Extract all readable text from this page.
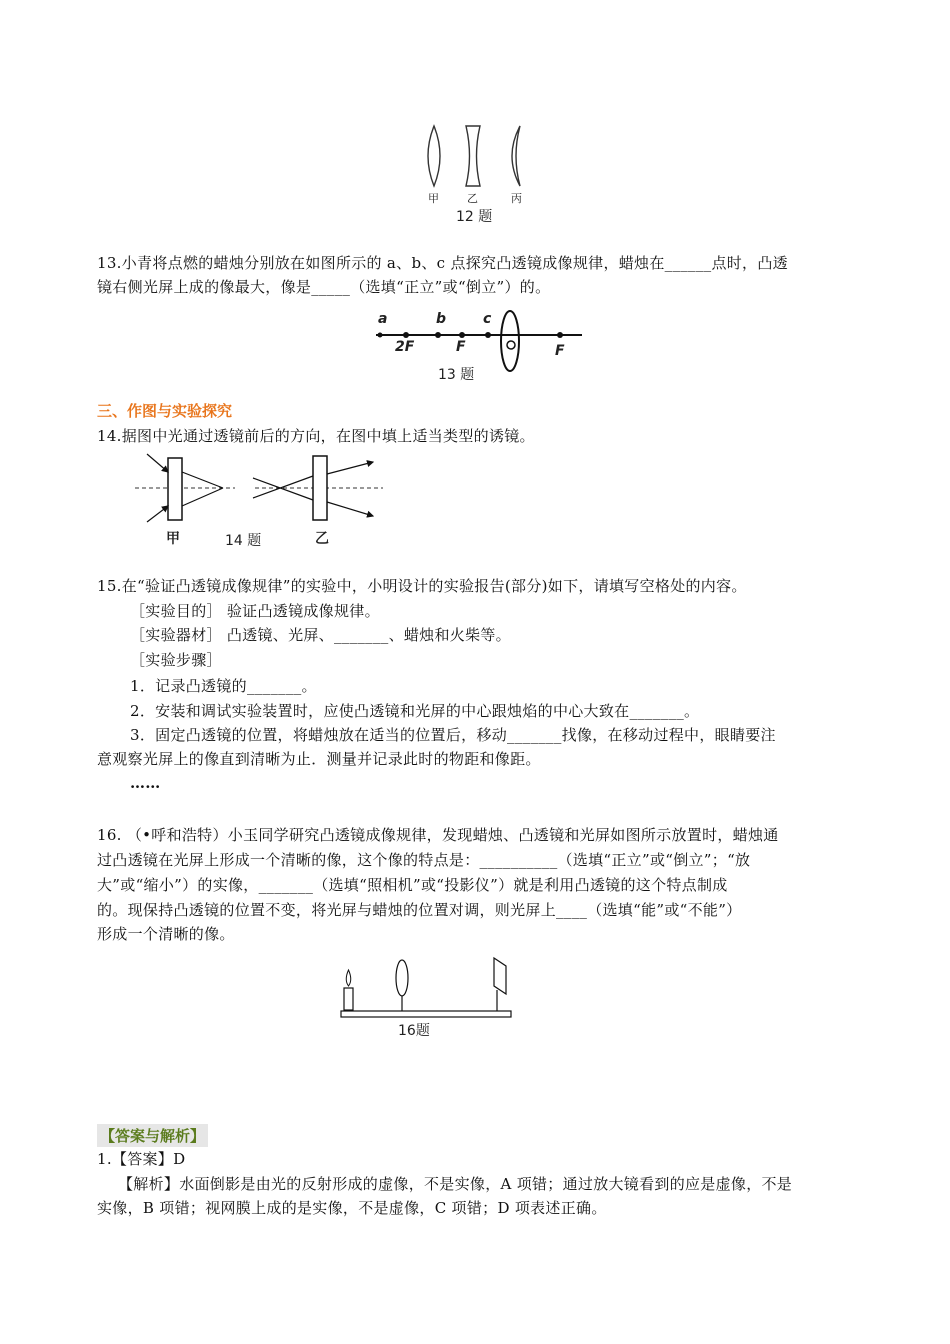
甲	乙	丙
12 题
13.小青将点燃的蜡烛分别放在如图所示的 a、b、c 点探究凸透镜成像规律，蜡烛在______点时，凸透
镜右侧光屏上成的像最大，像是_____（选填“正立”或“倒立”）的。
a	b	c
2F	F	F
13 题
三、作图与实验探究
14.据图中光通过透镜前后的方向，在图中填上适当类型的诱镜。
甲	14 题	乙
15.在“验证凸透镜成像规律”的实验中，小明设计的实验报告(部分)如下，请填写空格处的内容。
［实验目的］ 验证凸透镜成像规律。
［实验器材］ 凸透镜、光屏、_______、蜡烛和火柴等。
［实验步骤］
1．记录凸透镜的_______。
2．安装和调试实验装置时，应使凸透镜和光屏的中心跟烛焰的中心大致在_______。
3．固定凸透镜的位置，将蜡烛放在适当的位置后，移动_______找像，在移动过程中，眼睛要注
意观察光屏上的像直到清晰为止．测量并记录此时的物距和像距。
……
16. （•呼和浩特）小玉同学研究凸透镜成像规律，发现蜡烛、凸透镜和光屏如图所示放置时，蜡烛通
过凸透镜在光屏上形成一个清晰的像，这个像的特点是：__________（选填“正立”或“倒立”；“放
大”或“缩小”）的实像，_______（选填“照相机”或“投影仪”）就是利用凸透镜的这个特点制成
的。现保持凸透镜的位置不变，将光屏与蜡烛的位置对调，则光屏上____（选填“能”或“不能”）
形成一个清晰的像。
16题
【答案与解析】
1.【答案】D
【解析】水面倒影是由光的反射形成的虚像，不是实像，A 项错；通过放大镜看到的应是虚像，不是
实像，B 项错；视网膜上成的是实像，不是虚像，C 项错；D 项表述正确。
